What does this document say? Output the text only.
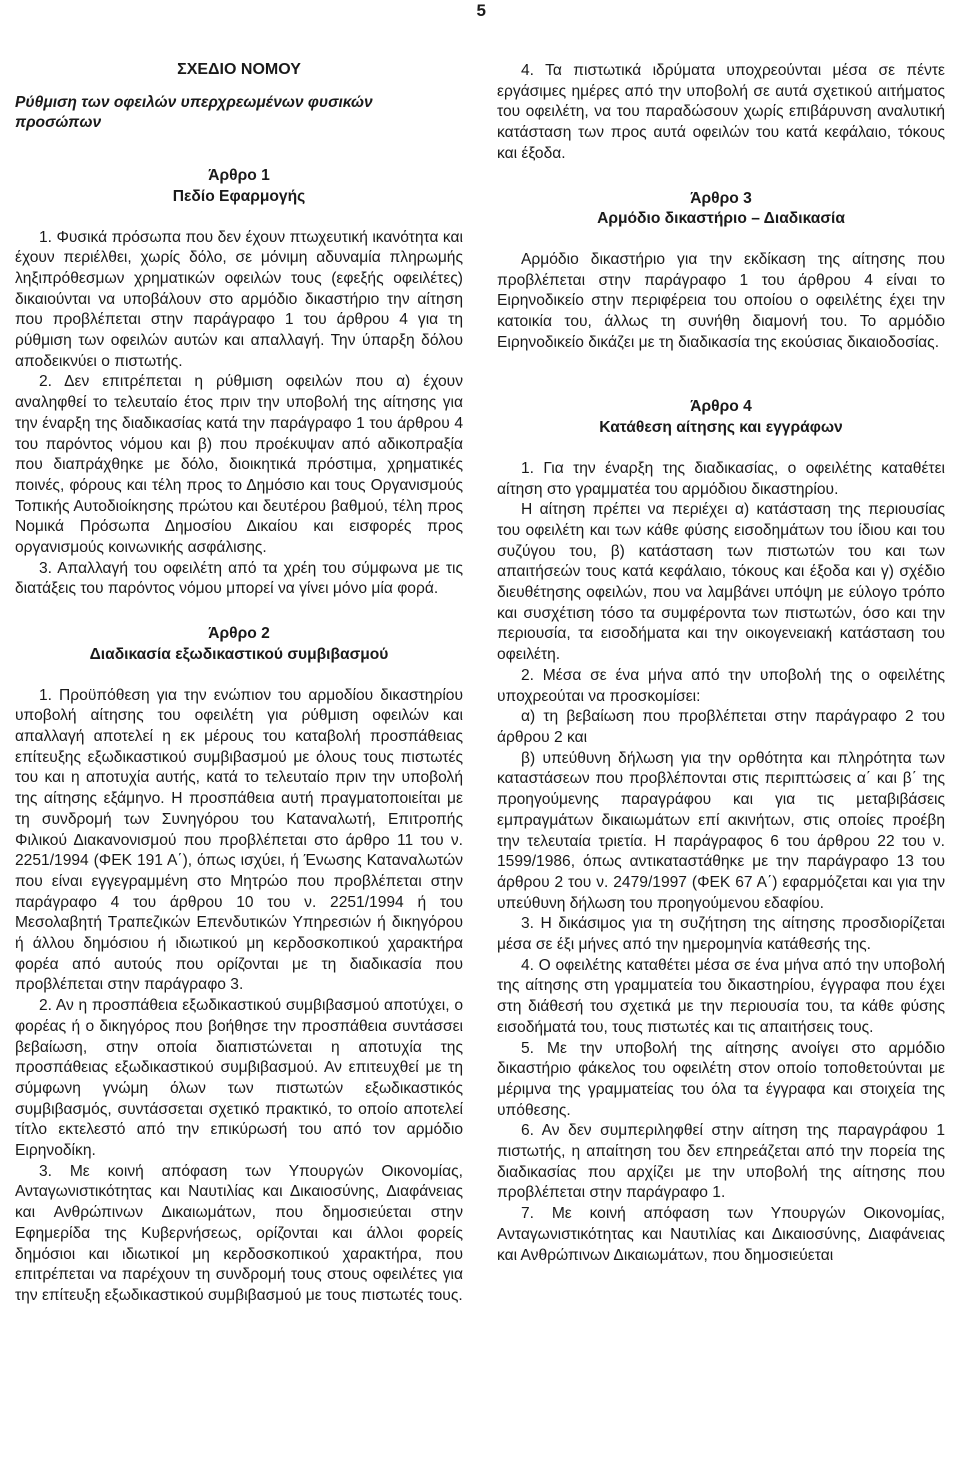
5

ΣΧΕΔΙΟ ΝΟΜΟΥ

Ρύθμιση των οφειλών υπερχρεωμένων φυσικών προσώπων

Άρθρο 1

Πεδίο Εφαρμογής

1. Φυσικά πρόσωπα που δεν έχουν πτωχευτική ικανότητα και έχουν περιέλθει, χωρίς δόλο, σε μόνιμη αδυναμία πληρωμής ληξιπρόθεσμων χρηματικών οφειλών τους (εφεξής οφειλέτες) δικαιούνται να υποβάλουν στο αρμόδιο δικαστήριο την αίτηση που προβλέπεται στην παράγραφο 1 του άρθρου 4 για τη ρύθμιση των οφειλών αυτών και απαλλαγή. Την ύπαρξη δόλου αποδεικνύει ο πιστωτής.

2. Δεν επιτρέπεται η ρύθμιση οφειλών που α) έχουν αναληφθεί το τελευταίο έτος πριν την υποβολή της αίτησης για την έναρξη της διαδικασίας κατά την παράγραφο 1 του άρθρου 4 του παρόντος νόμου και β) που προέκυψαν από αδικοπραξία που διαπράχθηκε με δόλο, διοικητικά πρόστιμα, χρηματικές ποινές, φόρους και τέλη προς το Δημόσιο και τους Οργανισμούς Τοπικής Αυτοδιοίκησης πρώτου και δευτέρου βαθμού, τέλη προς Νομικά Πρόσωπα Δημοσίου Δικαίου και εισφορές προς οργανισμούς κοινωνικής ασφάλισης.

3. Απαλλαγή του οφειλέτη από τα χρέη του σύμφωνα με τις διατάξεις του παρόντος νόμου μπορεί να γίνει μόνο μία φορά.

Άρθρο 2

Διαδικασία εξωδικαστικού συμβιβασμού

1. Προϋπόθεση για την ενώπιον του αρμοδίου δικαστηρίου υποβολή αίτησης του οφειλέτη για ρύθμιση οφειλών και απαλλαγή αποτελεί η εκ μέρους του καταβολή προσπάθειας επίτευξης εξωδικαστικού συμβιβασμού με όλους τους πιστωτές του και η αποτυχία αυτής, κατά το τελευταίο πριν την υποβολή της αίτησης εξάμηνο. Η προσπάθεια αυτή πραγματοποιείται με τη συνδρομή των Συνηγόρου του Καταναλωτή, Επιτροπής Φιλικού Διακανονισμού που προβλέπεται στο άρθρο 11 του ν. 2251/1994 (ΦΕΚ 191 Α΄), όπως ισχύει, ή Ένωσης Καταναλωτών που είναι εγγεγραμμένη στο Μητρώο που προβλέπεται στην παράγραφο 4 του άρθρου 10 του ν. 2251/1994 ή του Μεσολαβητή Τραπεζικών Επενδυτικών Υπηρεσιών ή δικηγόρου ή άλλου δημόσιου ή ιδιωτικού μη κερδοσκοπικού χαρακτήρα φορέα από αυτούς που ορίζονται με τη διαδικασία που προβλέπεται στην παράγραφο 3.

2. Αν η προσπάθεια εξωδικαστικού συμβιβασμού αποτύχει, ο φορέας ή ο δικηγόρος που βοήθησε την προσπάθεια συντάσσει βεβαίωση, στην οποία διαπιστώνεται η αποτυχία της προσπάθειας εξωδικαστικού συμβιβασμού. Αν επιτευχθεί με τη σύμφωνη γνώμη όλων των πιστωτών εξωδικαστικός συμβιβασμός, συντάσσεται σχετικό πρακτικό, το οποίο αποτελεί τίτλο εκτελεστό από την επικύρωσή του από τον αρμόδιο Ειρηνοδίκη.

3. Με κοινή απόφαση των Υπουργών Οικονομίας, Ανταγωνιστικότητας και Ναυτιλίας και Δικαιοσύνης, Διαφάνειας και Ανθρώπινων Δικαιωμάτων, που δημοσιεύεται στην Εφημερίδα της Κυβερνήσεως, ορίζονται και άλλοι φορείς δημόσιοι και ιδιωτικοί μη κερδοσκοπικού χαρακτήρα, που επιτρέπεται να παρέχουν τη συνδρομή τους στους οφειλέτες για την επίτευξη εξωδικαστικού συμβιβασμού με τους πιστωτές τους.

4. Τα πιστωτικά ιδρύματα υποχρεούνται μέσα σε πέντε εργάσιμες ημέρες από την υποβολή σε αυτά σχετικού αιτήματος του οφειλέτη, να του παραδώσουν χωρίς επιβάρυνση αναλυτική κατάσταση των προς αυτά οφειλών του κατά κεφάλαιο, τόκους και έξοδα.

Άρθρο 3

Αρμόδιο δικαστήριο – Διαδικασία

Αρμόδιο δικαστήριο για την εκδίκαση της αίτησης που προβλέπεται στην παράγραφο 1 του άρθρου 4 είναι το Ειρηνοδικείο στην περιφέρεια του οποίου ο οφειλέτης έχει την κατοικία του, άλλως τη συνήθη διαμονή του. Το αρμόδιο Ειρηνοδικείο δικάζει με τη διαδικασία της εκούσιας δικαιοδοσίας.

Άρθρο 4

Κατάθεση αίτησης και εγγράφων

1. Για την έναρξη της διαδικασίας, ο οφειλέτης καταθέτει αίτηση στο γραμματέα του αρμόδιου δικαστηρίου.

Η αίτηση πρέπει να περιέχει α) κατάσταση της περιουσίας του οφειλέτη και των κάθε φύσης εισοδημάτων του ίδιου και του συζύγου του, β) κατάσταση των πιστωτών του και των απαιτήσεών τους κατά κεφάλαιο, τόκους και έξοδα και γ) σχέδιο διευθέτησης οφειλών, που να λαμβάνει υπόψη με εύλογο τρόπο και συσχέτιση τόσο τα συμφέροντα των πιστωτών, όσο και την περιουσία, τα εισοδήματα και την οικογενειακή κατάσταση του οφειλέτη.

2. Μέσα σε ένα μήνα από την υποβολή της ο οφειλέτης υποχρεούται να προσκομίσει:

α) τη βεβαίωση που προβλέπεται στην παράγραφο 2 του άρθρου 2 και

β) υπεύθυνη δήλωση για την ορθότητα και πληρότητα των καταστάσεων που προβλέπονται στις περιπτώσεις α΄ και β΄ της προηγούμενης παραγράφου και για τις μεταβιβάσεις εμπραγμάτων δικαιωμάτων επί ακινήτων, στις οποίες προέβη την τελευταία τριετία. Η παράγραφος 6 του άρθρου 22 του ν. 1599/1986, όπως αντικαταστάθηκε με την παράγραφο 13 του άρθρου 2 του ν. 2479/1997 (ΦΕΚ 67 Α΄) εφαρμόζεται και για την υπεύθυνη δήλωση του προηγούμενου εδαφίου.

3. Η δικάσιμος για τη συζήτηση της αίτησης προσδιορίζεται μέσα σε έξι μήνες από την ημερομηνία κατάθεσής της.

4. Ο οφειλέτης καταθέτει μέσα σε ένα μήνα από την υποβολή της αίτησης στη γραμματεία του δικαστηρίου, έγγραφα που έχει στη διάθεσή του σχετικά με την περιουσία του, τα κάθε φύσης εισοδήματά του, τους πιστωτές και τις απαιτήσεις τους.

5. Με την υποβολή της αίτησης ανοίγει στο αρμόδιο δικαστήριο φάκελος του οφειλέτη στον οποίο τοποθετούνται με μέριμνα της γραμματείας του όλα τα έγγραφα και στοιχεία της υπόθεσης.

6. Αν δεν συμπεριληφθεί στην αίτηση της παραγράφου 1 πιστωτής, η απαίτηση του δεν επηρεάζεται από την πορεία της διαδικασίας που αρχίζει με την υποβολή της αίτησης που προβλέπεται στην παράγραφο 1.

7. Με κοινή απόφαση των Υπουργών Οικονομίας, Ανταγωνιστικότητας και Ναυτιλίας και Δικαιοσύνης, Διαφάνειας και Ανθρώπινων Δικαιωμάτων, που δημοσιεύεται
